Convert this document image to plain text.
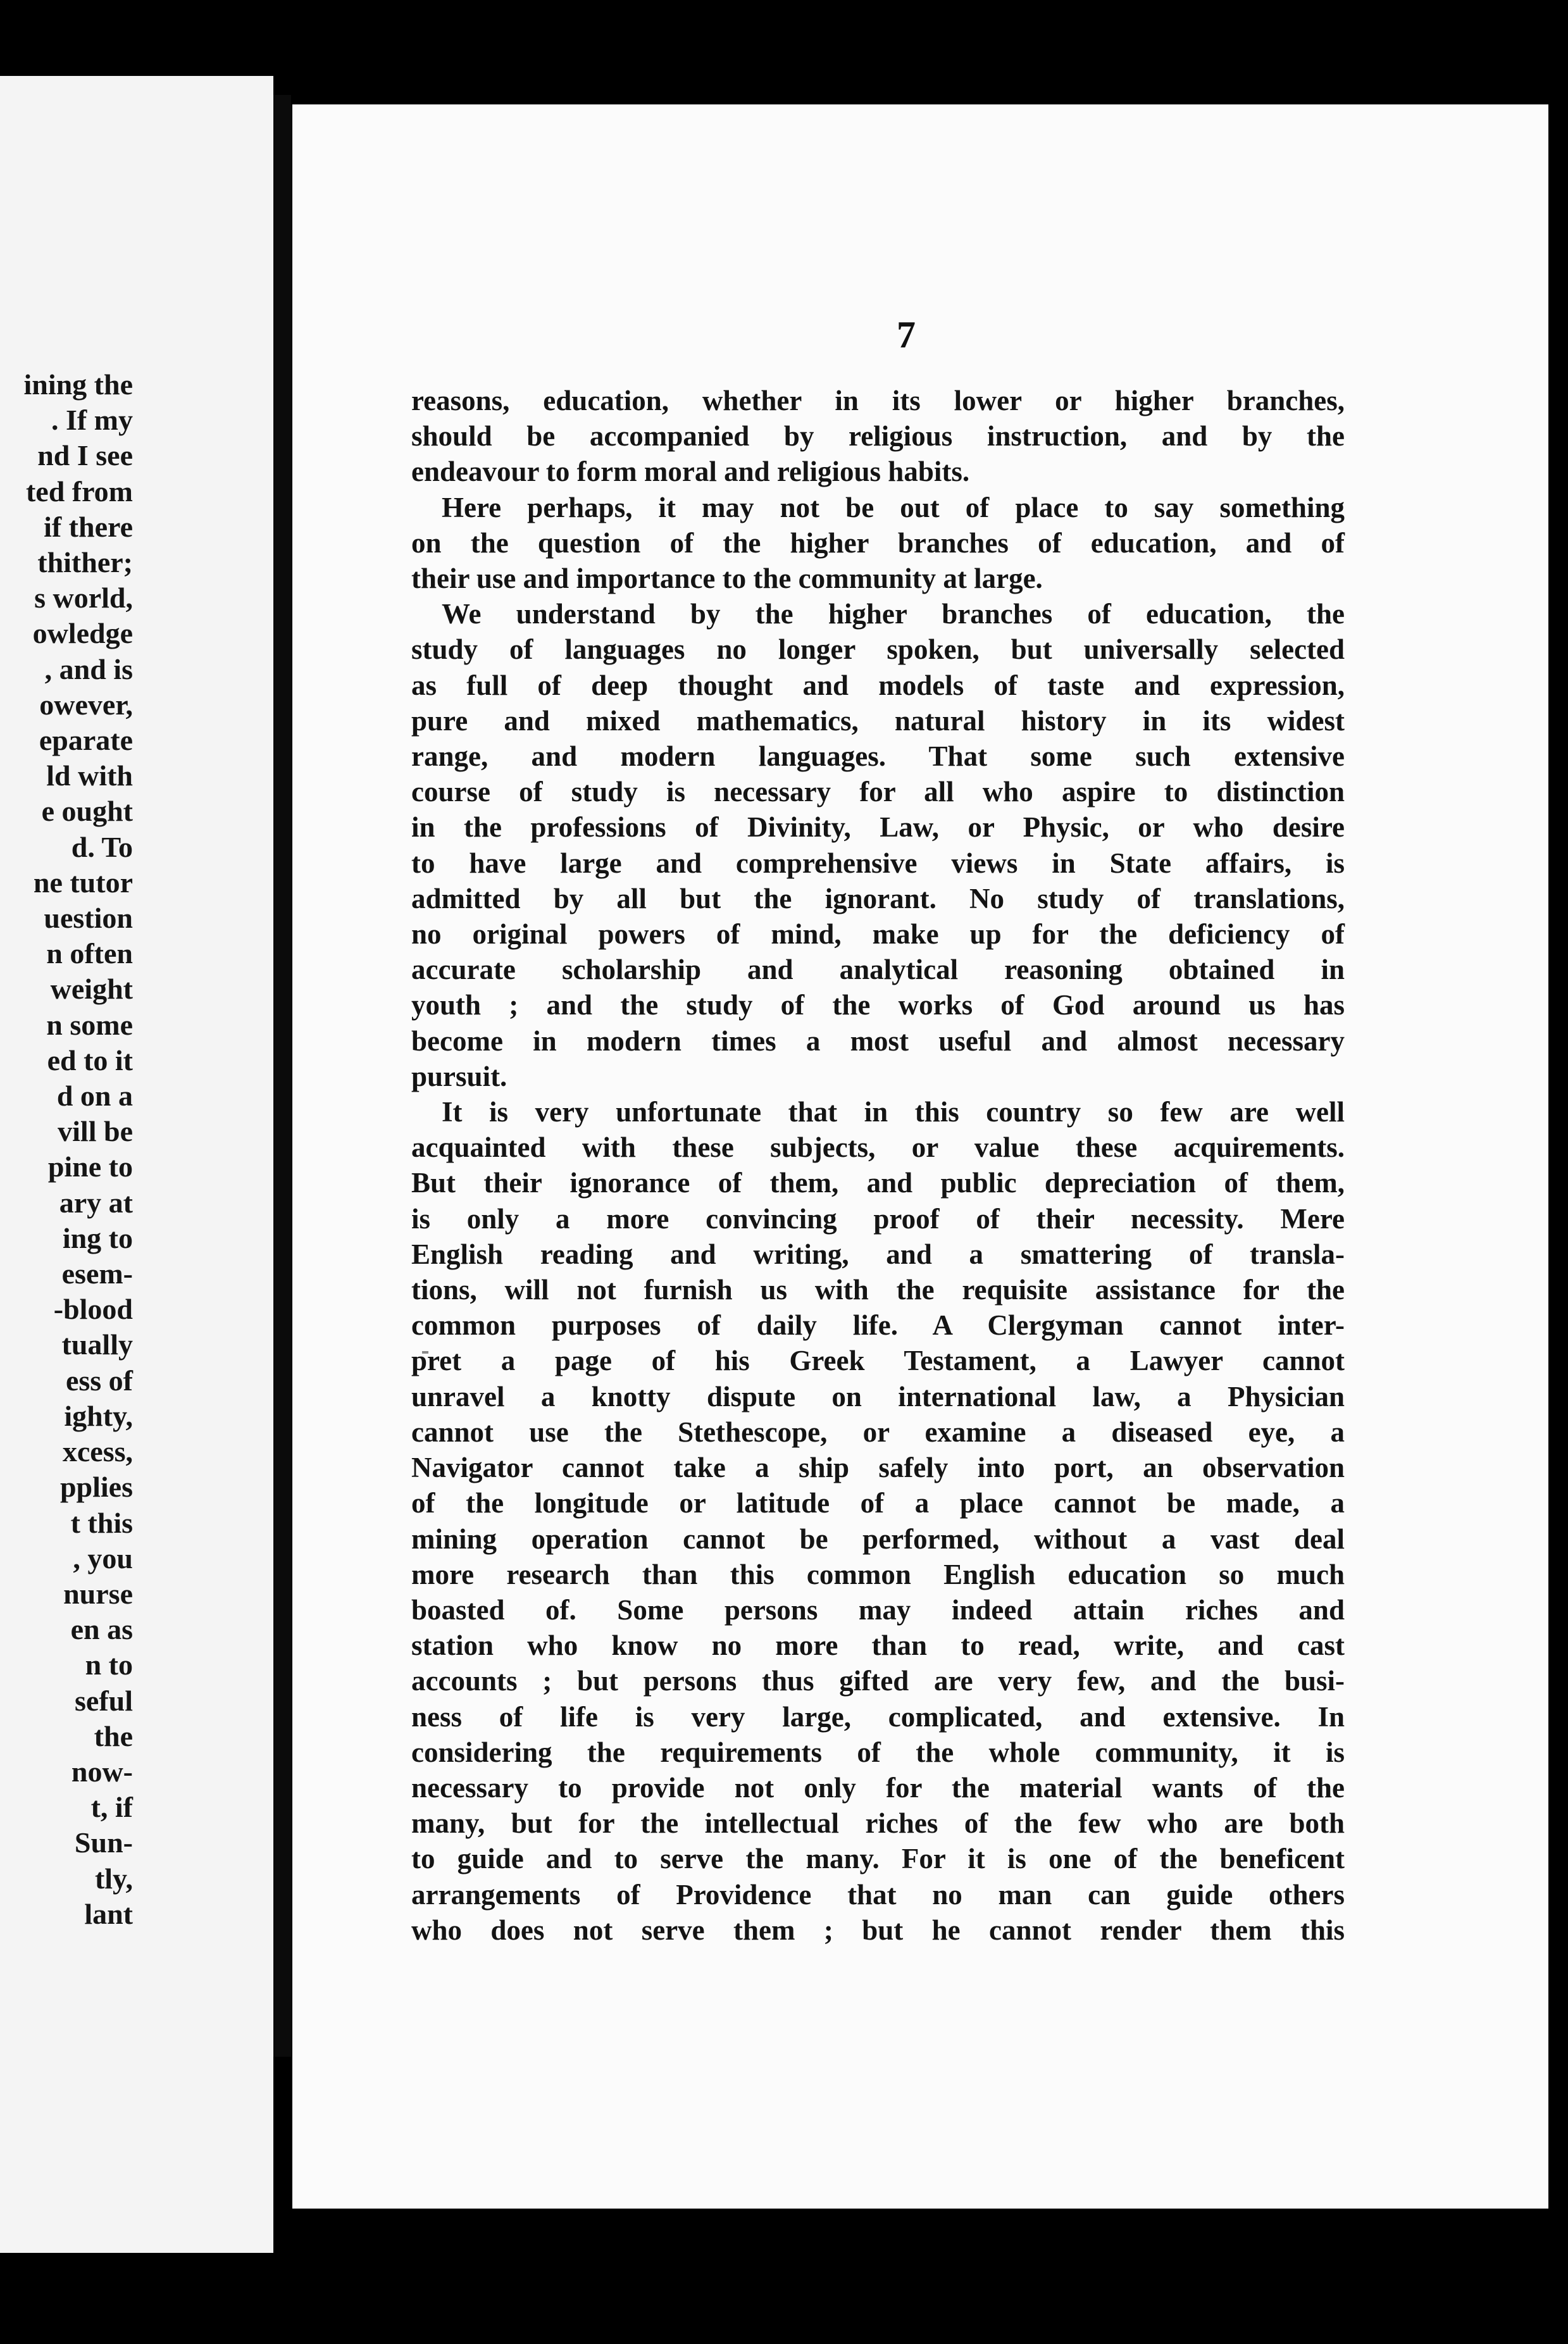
ining the
. If my
nd I see
ted from
if there
thither;
s world,
owledge
, and is
owever,
eparate
ld with
e ought
d. To
ne tutor
uestion
n often
weight
n some
ed to it
d on a
vill be
pine to
ary at
ing to
esem-
-blood
tually
ess of
ighty,
xcess,
pplies
t this
, you
nurse
en as
n to
seful
the
now-
t, if
Sun-
tly,
lant
7
reasons, education, whether in its lower or higher branches,
should be accompanied by religious instruction, and by the
endeavour to form moral and religious habits.
Here perhaps, it may not be out of place to say something
on the question of the higher branches of education, and of
their use and importance to the community at large.
We understand by the higher branches of education, the
study of languages no longer spoken, but universally selected
as full of deep thought and models of taste and expression,
pure and mixed mathematics, natural history in its widest
range, and modern languages. That some such extensive
course of study is necessary for all who aspire to distinction
in the professions of Divinity, Law, or Physic, or who desire
to have large and comprehensive views in State affairs, is
admitted by all but the ignorant. No study of translations,
no original powers of mind, make up for the deficiency of
accurate scholarship and analytical reasoning obtained in
youth ; and the study of the works of God around us has
become in modern times a most useful and almost necessary
pursuit.
It is very unfortunate that in this country so few are well
acquainted with these subjects, or value these acquirements.
But their ignorance of them, and public depreciation of them,
is only a more convincing proof of their necessity. Mere
English reading and writing, and a smattering of transla-
tions, will not furnish us with the requisite assistance for the
common purposes of daily life. A Clergyman cannot inter-
pret a page of his Greek Testament, a Lawyer cannot
unravel a knotty dispute on international law, a Physician
cannot use the Stethescope, or examine a diseased eye, a
Navigator cannot take a ship safely into port, an observation
of the longitude or latitude of a place cannot be made, a
mining operation cannot be performed, without a vast deal
more research than this common English education so much
boasted of. Some persons may indeed attain riches and
station who know no more than to read, write, and cast
accounts ; but persons thus gifted are very few, and the busi-
ness of life is very large, complicated, and extensive. In
considering the requirements of the whole community, it is
necessary to provide not only for the material wants of the
many, but for the intellectual riches of the few who are both
to guide and to serve the many. For it is one of the beneficent
arrangements of Providence that no man can guide others
who does not serve them ; but he cannot render them this
